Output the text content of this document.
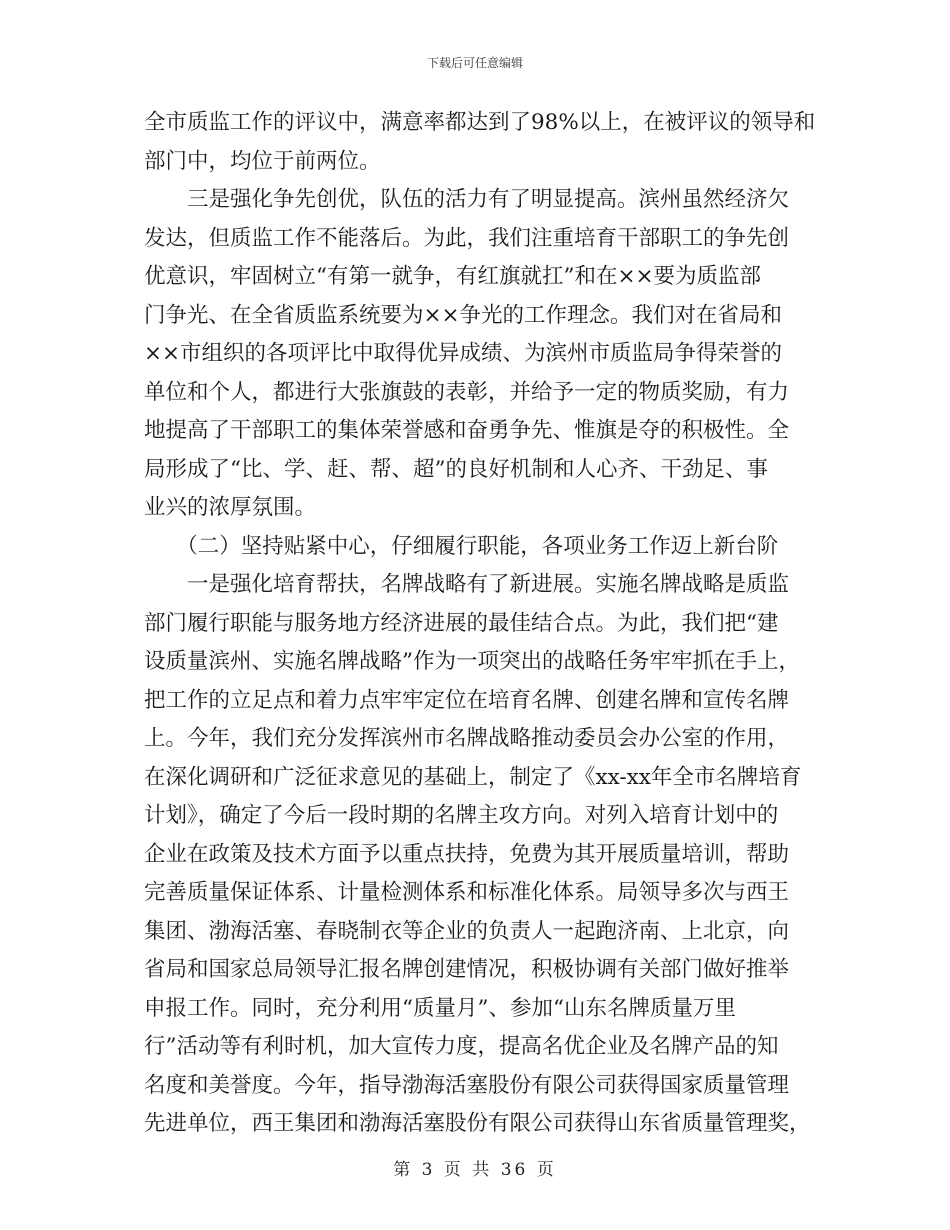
下载后可任意编辑

全市质监工作的评议中，满意率都达到了98%以上，在被评议的领导和
部门中，均位于前两位。
　　三是强化争先创优，队伍的活力有了明显提高。滨州虽然经济欠
发达，但质监工作不能落后。为此，我们注重培育干部职工的争先创
优意识，牢固树立“有第一就争，有红旗就扛”和在××要为质监部
门争光、在全省质监系统要为××争光的工作理念。我们对在省局和
××市组织的各项评比中取得优异成绩、为滨州市质监局争得荣誉的
单位和个人，都进行大张旗鼓的表彰，并给予一定的物质奖励，有力
地提高了干部职工的集体荣誉感和奋勇争先、惟旗是夺的积极性。全
局形成了“比、学、赶、帮、超”的良好机制和人心齐、干劲足、事
业兴的浓厚氛围。
　　（二）坚持贴紧中心，仔细履行职能，各项业务工作迈上新台阶
　　一是强化培育帮扶，名牌战略有了新进展。实施名牌战略是质监
部门履行职能与服务地方经济进展的最佳结合点。为此，我们把“建
设质量滨州、实施名牌战略”作为一项突出的战略任务牢牢抓在手上，
把工作的立足点和着力点牢牢定位在培育名牌、创建名牌和宣传名牌
上。今年，我们充分发挥滨州市名牌战略推动委员会办公室的作用，
在深化调研和广泛征求意见的基础上，制定了《xx-xx年全市名牌培育
计划》，确定了今后一段时期的名牌主攻方向。对列入培育计划中的
企业在政策及技术方面予以重点扶持，免费为其开展质量培训，帮助
完善质量保证体系、计量检测体系和标准化体系。局领导多次与西王
集团、渤海活塞、春晓制衣等企业的负责人一起跑济南、上北京，向
省局和国家总局领导汇报名牌创建情况，积极协调有关部门做好推举
申报工作。同时，充分利用“质量月”、参加“山东名牌质量万里
行”活动等有利时机，加大宣传力度，提高名优企业及名牌产品的知
名度和美誉度。今年，指导渤海活塞股份有限公司获得国家质量管理
先进单位，西王集团和渤海活塞股份有限公司获得山东省质量管理奖，

第 3 页 共 36 页
